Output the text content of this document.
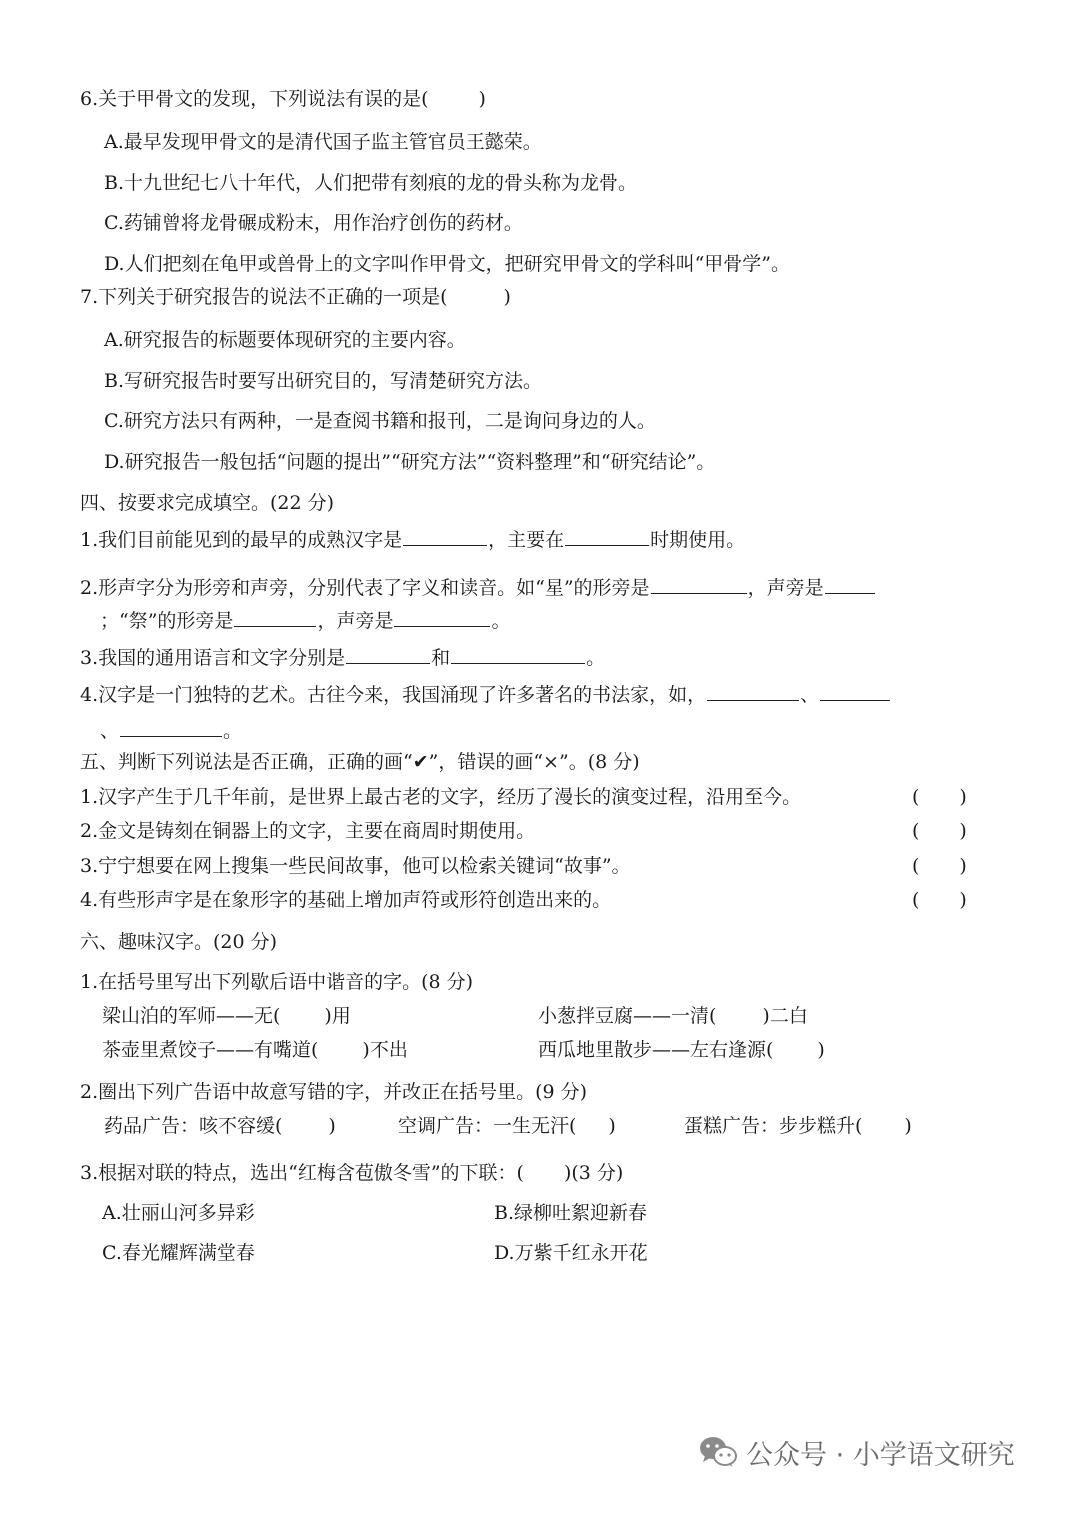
6.关于甲骨文的发现，下列说法有误的是(	)
A.最早发现甲骨文的是清代国子监主管官员王懿荣。
B.十九世纪七八十年代，人们把带有刻痕的龙的骨头称为龙骨。
C.药铺曾将龙骨碾成粉末，用作治疗创伤的药材。
D.人们把刻在龟甲或兽骨上的文字叫作甲骨文，把研究甲骨文的学科叫“甲骨学”。
7.下列关于研究报告的说法不正确的一项是(	)
A.研究报告的标题要体现研究的主要内容。
B.写研究报告时要写出研究目的，写清楚研究方法。
C.研究方法只有两种，一是查阅书籍和报刊，二是询问身边的人。
D.研究报告一般包括“问题的提出”“研究方法”“资料整理”和“研究结论”。
四、按要求完成填空。(22 分)
1.我们目前能见到的最早的成熟汉字是	，主要在	时期使用。
2.形声字分为形旁和声旁，分别代表了字义和读音。如“星”的形旁是	，声旁是
；“祭”的形旁是	，声旁是	。
3.我国的通用语言和文字分别是	和	。
4.汉字是一门独特的艺术。古往今来，我国涌现了许多著名的书法家，如，	、
、	。
五、判断下列说法是否正确，正确的画“✔”，错误的画“×”。(8 分)
1.汉字产生于几千年前，是世界上最古老的文字，经历了漫长的演变过程，沿用至今。	( )
2.金文是铸刻在铜器上的文字，主要在商周时期使用。	( )
3.宁宁想要在网上搜集一些民间故事，他可以检索关键词“故事”。	( )
4.有些形声字是在象形字的基础上增加声符或形符创造出来的。	( )
六、趣味汉字。(20 分)
1.在括号里写出下列歇后语中谐音的字。(8 分)
梁山泊的军师——无( )用	小葱拌豆腐——一清( )二白
茶壶里煮饺子——有嘴道( )不出	西瓜地里散步——左右逢源( )
2.圈出下列广告语中故意写错的字，并改正在括号里。(9 分)
药品广告：咳不容缓( )	空调广告：一生无汗( )	蛋糕广告：步步糕升( )
3.根据对联的特点，选出“红梅含苞傲冬雪”的下联：( )(3 分)
A.壮丽山河多异彩	B.绿柳吐絮迎新春
C.春光耀辉满堂春	D.万紫千红永开花
公众号 · 小学语文研究
